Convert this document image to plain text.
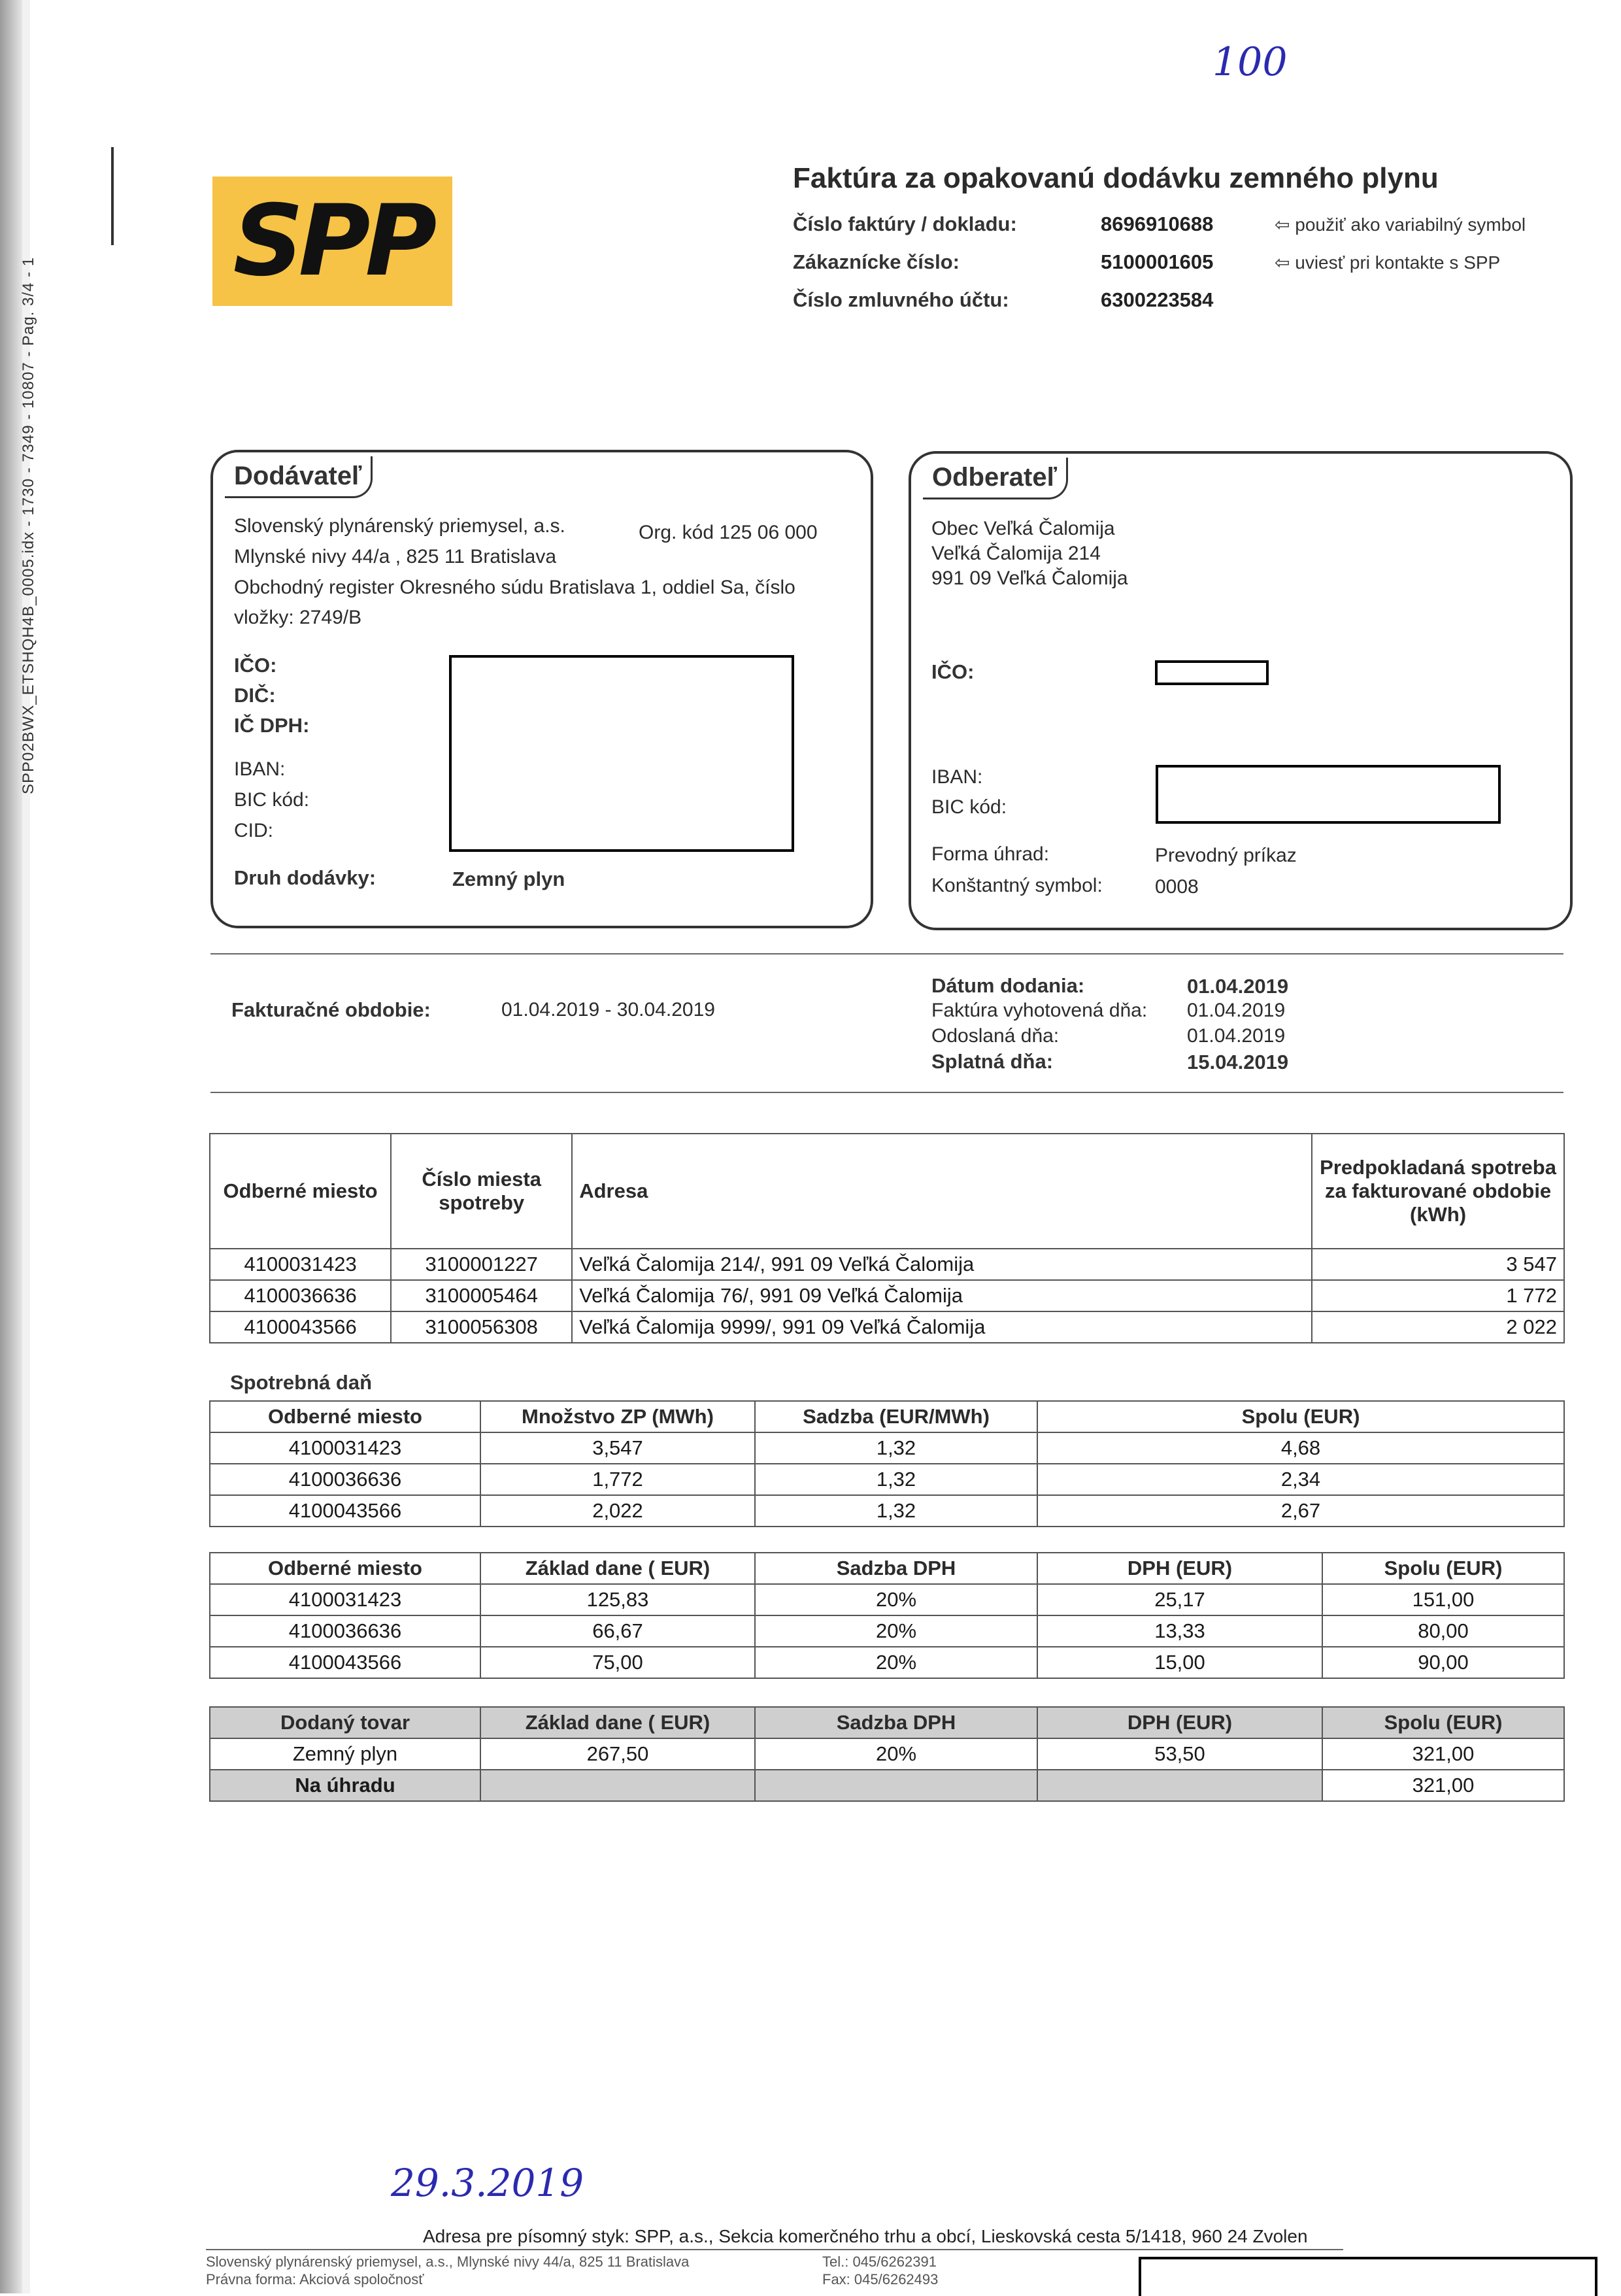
SPP02BWX_ETSHQH4B_0005.idx - 1730 - 7349 - 10807 - Pag. 3/4 - 1
100
SPP
Faktúra za opakovanú dodávku zemného plynu
Číslo faktúry / dokladu:	8696910688	⇦ použiť ako variabilný symbol
Zákaznícke číslo:	5100001605	⇦ uviesť pri kontakte s SPP
Číslo zmluvného účtu:	6300223584
Dodávateľ
Slovenský plynárenský priemysel, a.s.	Org. kód 125 06 000
Mlynské nivy 44/a , 825 11 Bratislava
Obchodný register Okresného súdu Bratislava 1, oddiel Sa, číslo
vložky: 2749/B
IČO:
DIČ:
IČ DPH:
IBAN:
BIC kód:
CID:
Druh dodávky:	Zemný plyn
Odberateľ
Obec Veľká Čalomija
Veľká Čalomija 214
991 09 Veľká Čalomija
IČO:
IBAN:
BIC kód:
Forma úhrad:	Prevodný príkaz
Konštantný symbol:	0008
Fakturačné obdobie:	01.04.2019 - 30.04.2019
Dátum dodania:	01.04.2019
Faktúra vyhotovená dňa: 01.04.2019
Odoslaná dňa:	01.04.2019
Splatná dňa:	15.04.2019
Odberné miesto	Číslo miesta spotreby	Adresa	Predpokladaná spotreba za fakturované obdobie (kWh)
4100031423	3100001227	Veľká Čalomija 214/, 991 09 Veľká Čalomija	3 547
4100036636	3100005464	Veľká Čalomija 76/, 991 09 Veľká Čalomija	1 772
4100043566	3100056308	Veľká Čalomija 9999/, 991 09 Veľká Čalomija	2 022
Spotrebná daň
Odberné miesto	Množstvo ZP (MWh)	Sadzba (EUR/MWh)	Spolu (EUR)
4100031423	3,547	1,32	4,68
4100036636	1,772	1,32	2,34
4100043566	2,022	1,32	2,67
Odberné miesto	Základ dane ( EUR)	Sadzba DPH	DPH (EUR)	Spolu (EUR)
4100031423	125,83	20%	25,17	151,00
4100036636	66,67	20%	13,33	80,00
4100043566	75,00	20%	15,00	90,00
Dodaný tovar	Základ dane ( EUR)	Sadzba DPH	DPH (EUR)	Spolu (EUR)
Zemný plyn	267,50	20%	53,50	321,00
Na úhradu				321,00
29.3.2019
Adresa pre písomný styk: SPP, a.s., Sekcia komerčného trhu a obcí, Lieskovská cesta 5/1418, 960 24 Zvolen
Slovenský plynárenský priemysel, a.s., Mlynské nivy 44/a, 825 11 Bratislava
Právna forma: Akciová spoločnosť
Tel.: 045/6262391
Fax: 045/6262493
